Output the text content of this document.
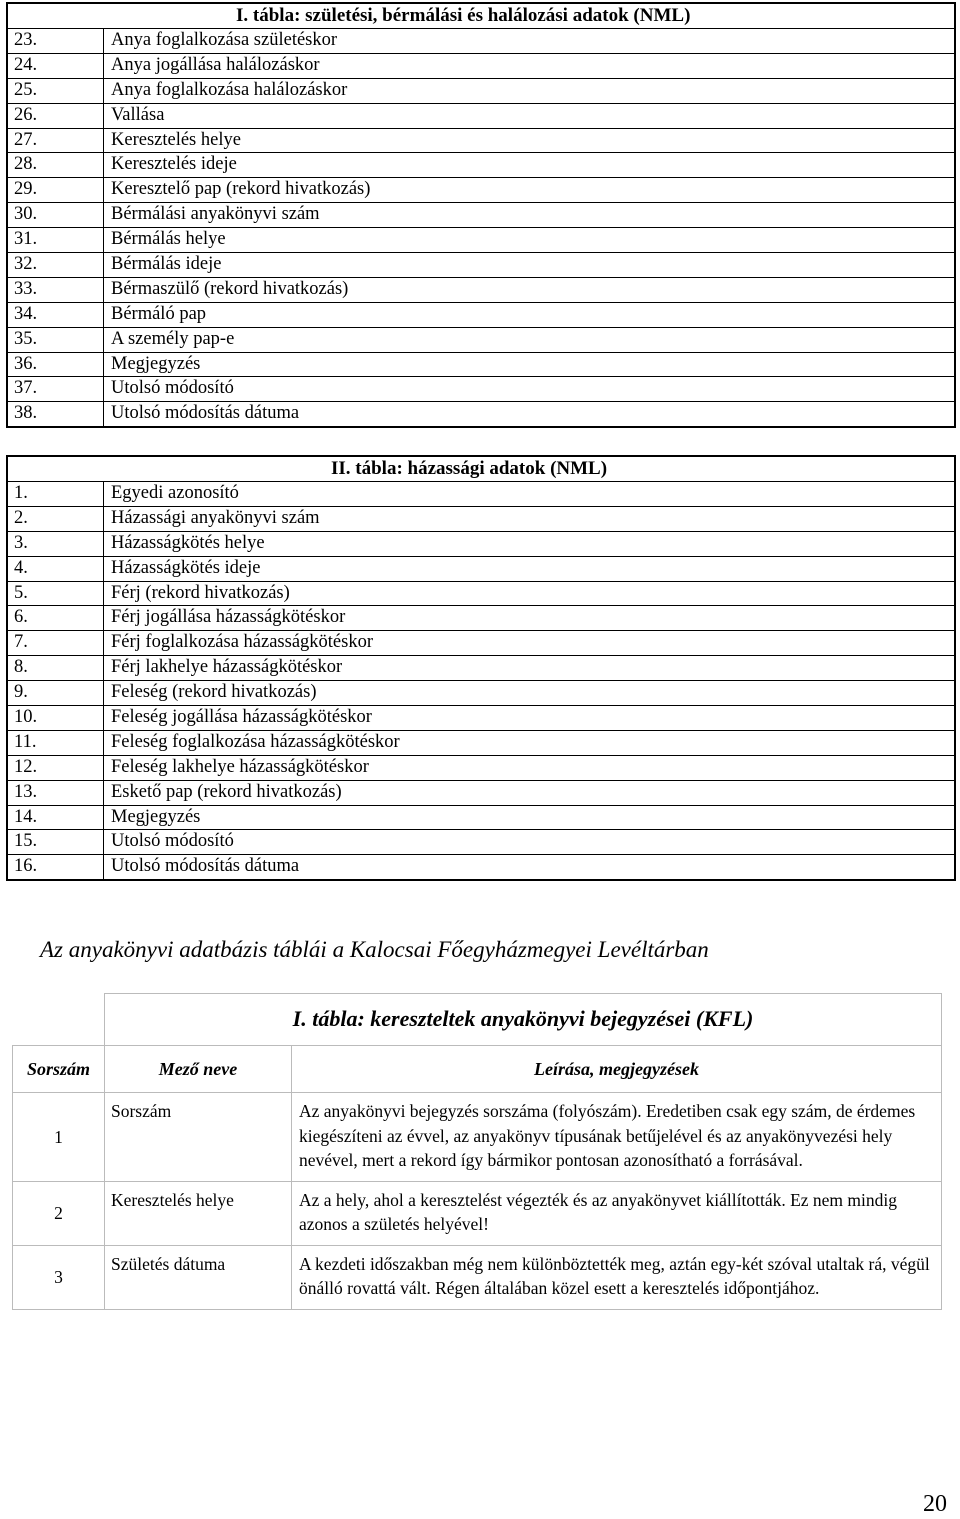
I. tábla: születési, bérmálási és halálozási adatok (NML)
23.	Anya foglalkozása születéskor
24.	Anya jogállása halálozáskor
25.	Anya foglalkozása halálozáskor
26.	Vallása
27.	Keresztelés helye
28.	Keresztelés ideje
29.	Keresztelő pap (rekord hivatkozás)
30.	Bérmálási anyakönyvi szám
31.	Bérmálás helye
32.	Bérmálás ideje
33.	Bérmaszülő (rekord hivatkozás)
34.	Bérmáló pap
35.	A személy pap-e
36.	Megjegyzés
37.	Utolsó módosító
38.	Utolsó módosítás dátuma
II. tábla: házassági adatok (NML)
1.	Egyedi azonosító
2.	Házassági anyakönyvi szám
3.	Házasságkötés helye
4.	Házasságkötés ideje
5.	Férj (rekord hivatkozás)
6.	Férj jogállása házasságkötéskor
7.	Férj foglalkozása házasságkötéskor
8.	Férj lakhelye házasságkötéskor
9.	Feleség (rekord hivatkozás)
10.	Feleség jogállása házasságkötéskor
11.	Feleség foglalkozása házasságkötéskor
12.	Feleség lakhelye házasságkötéskor
13.	Eskető pap (rekord hivatkozás)
14.	Megjegyzés
15.	Utolsó módosító
16.	Utolsó módosítás dátuma
Az anyakönyvi adatbázis táblái a Kalocsai Főegyházmegyei Levéltárban
	I. tábla: kereszteltek anyakönyvi bejegyzései (KFL)	
Sorszám	Mező neve	Leírása, megjegyzések
1	Sorszám	Az anyakönyvi bejegyzés sorszáma (folyószám). Eredetiben csak egy szám, de érdemes kiegészíteni az évvel, az anyakönyv típusának betűjelével és az anyakönyvezési hely nevével, mert a rekord így bármikor pontosan azonosítható a forrásával.
2	Keresztelés helye	Az a hely, ahol a keresztelést végezték és az anyakönyvet kiállították. Ez nem mindig azonos a születés helyével!
3	Születés dátuma	A kezdeti időszakban még nem különböztették meg, aztán egy-két szóval utaltak rá, végül önálló rovattá vált. Régen általában közel esett a keresztelés időpontjához.
20
